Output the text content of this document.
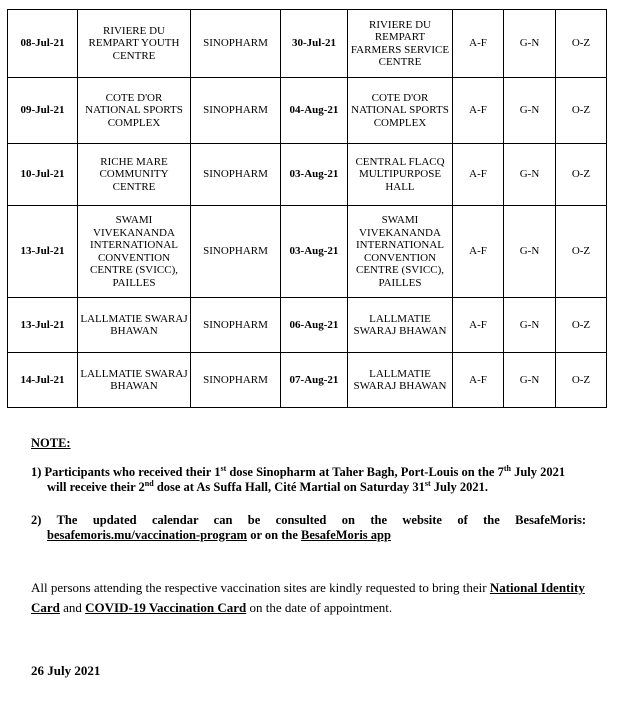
08-Jul-21	RIVIERE DU REMPART YOUTH CENTRE	SINOPHARM	30-Jul-21	RIVIERE DU REMPART FARMERS SERVICE CENTRE	A-F	G-N	O-Z
09-Jul-21	COTE D'OR NATIONAL SPORTS COMPLEX	SINOPHARM	04-Aug-21	COTE D'OR NATIONAL SPORTS COMPLEX	A-F	G-N	O-Z
10-Jul-21	RICHE MARE COMMUNITY CENTRE	SINOPHARM	03-Aug-21	CENTRAL FLACQ MULTIPURPOSE HALL	A-F	G-N	O-Z
13-Jul-21	SWAMI VIVEKANANDA INTERNATIONAL CONVENTION CENTRE (SVICC), PAILLES	SINOPHARM	03-Aug-21	SWAMI VIVEKANANDA INTERNATIONAL CONVENTION CENTRE (SVICC), PAILLES	A-F	G-N	O-Z
13-Jul-21	LALLMATIE SWARAJ BHAWAN	SINOPHARM	06-Aug-21	LALLMATIE SWARAJ BHAWAN	A-F	G-N	O-Z
14-Jul-21	LALLMATIE SWARAJ BHAWAN	SINOPHARM	07-Aug-21	LALLMATIE SWARAJ BHAWAN	A-F	G-N	O-Z
NOTE:
1) Participants who received their 1st dose Sinopharm at Taher Bagh, Port-Louis on the 7th July 2021
will receive their 2nd dose at As Suffa Hall, Cité Martial on Saturday 31st July 2021.
2) The updated calendar can be consulted on the website of the BesafeMoris:
besafemoris.mu/vaccination-program or on the BesafeMoris app
All persons attending the respective vaccination sites are kindly requested to bring their National Identity Card and COVID-19 Vaccination Card on the date of appointment.
26 July 2021
